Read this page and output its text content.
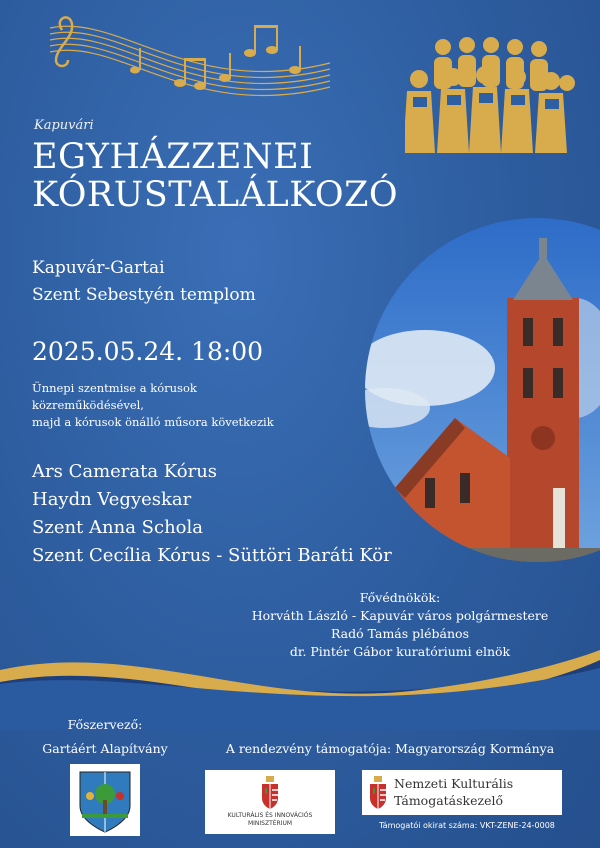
Kapuvári
EGYHÁZZENEI
KÓRUSTALÁLKOZÓ
Kapuvár-Gartai
Szent Sebestyén templom
2025.05.24. 18:00
Ünnepi szentmise a kórusok
közreműködésével,
majd a kórusok önálló műsora következik
Ars Camerata Kórus
Haydn Vegyeskar
Szent Anna Schola
Szent Cecília Kórus - Süttöri Baráti Kör
Fővédnökök:
Horváth László - Kapuvár város polgármestere
Radó Tamás plébános
dr. Pintér Gábor kuratóriumi elnök
Főszervező:
Gartáért Alapítvány	A rendezvény támogatója: Magyarország Kormánya
KULTURÁLIS ÉS INNOVÁCIÓS MINISZTÉRIUM
Nemzeti Kulturális
Támogatáskezelő
Támogatói okirat száma: VKT-ZENE-24-0008
